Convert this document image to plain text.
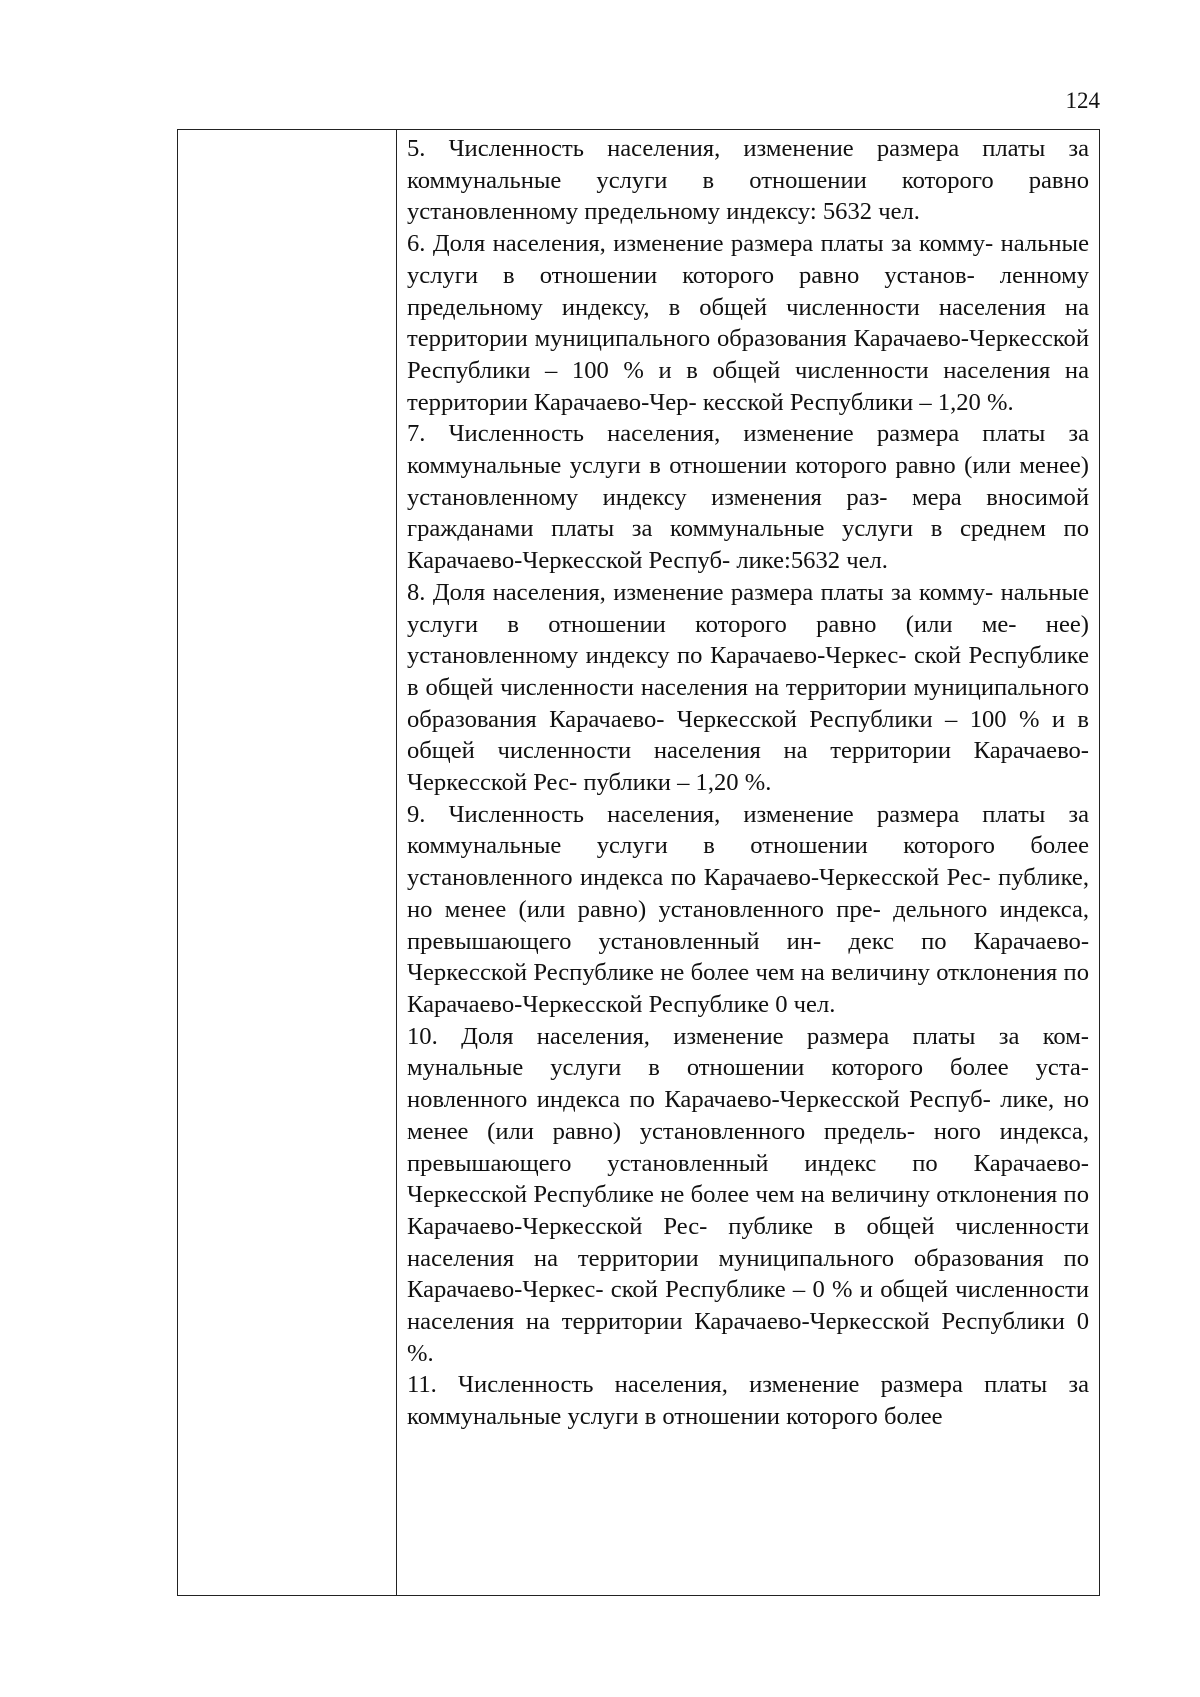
124
5. Численность населения, изменение размера платы за коммунальные услуги в отношении которого равно установленному предельному индексу: 5632 чел.
6. Доля населения, изменение размера платы за комму- нальные услуги в отношении которого равно установ- ленному предельному индексу, в общей численности населения на территории муниципального образования Карачаево-Черкесской Республики – 100 % и в общей численности населения на территории Карачаево-Чер- кесской Республики – 1,20 %.
7. Численность населения, изменение размера платы за коммунальные услуги в отношении которого равно (или менее) установленному индексу изменения раз- мера вносимой гражданами платы за коммунальные услуги в среднем по Карачаево-Черкесской Респуб- лике:5632 чел.
8. Доля населения, изменение размера платы за комму- нальные услуги в отношении которого равно (или ме- нее) установленному индексу по Карачаево-Черкес- ской Республике в общей численности населения на территории муниципального образования Карачаево- Черкесской Республики – 100 % и в общей численности населения на территории Карачаево-Черкесской Рес- публики – 1,20 %.
9. Численность населения, изменение размера платы за коммунальные услуги в отношении которого более установленного индекса по Карачаево-Черкесской Рес- публике, но менее (или равно) установленного пре- дельного индекса, превышающего установленный ин- декс по Карачаево-Черкесской Республике не более чем на величину отклонения по Карачаево-Черкесской Республике 0 чел.
10. Доля населения, изменение размера платы за ком- мунальные услуги в отношении которого более уста- новленного индекса по Карачаево-Черкесской Респуб- лике, но менее (или равно) установленного предель- ного индекса, превышающего установленный индекс по Карачаево-Черкесской Республике не более чем на величину отклонения по Карачаево-Черкесской Рес- публике в общей численности населения на территории муниципального образования по Карачаево-Черкес- ской Республике – 0 % и общей численности населения на территории Карачаево-Черкесской Республики 0 %.
11. Численность населения, изменение размера платы за коммунальные услуги в отношении которого более
